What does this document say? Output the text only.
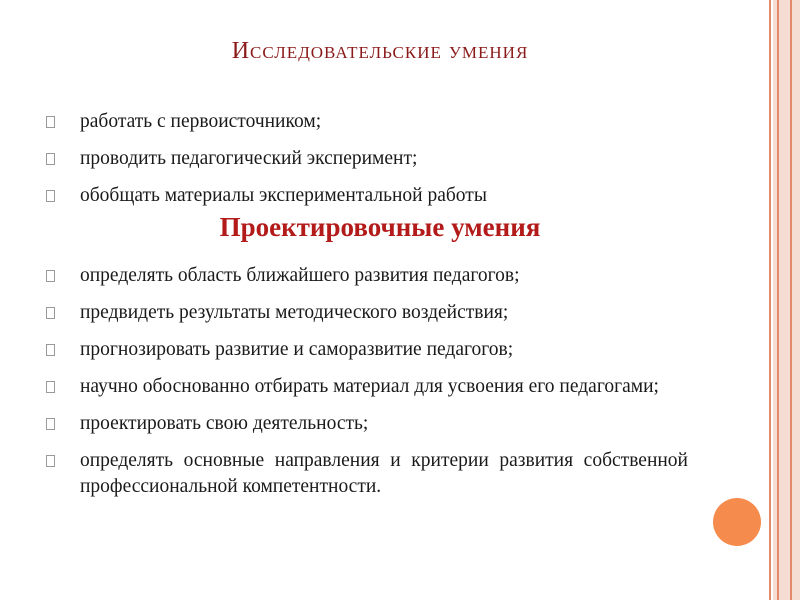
Исследовательские умения
работать с первоисточником;
проводить педагогический эксперимент;
обобщать материалы экспериментальной работы
Проектировочные умения
определять область ближайшего развития педагогов;
предвидеть результаты методического воздействия;
прогнозировать развитие и саморазвитие педагогов;
научно обоснованно отбирать материал для усвоения его педагогами;
проектировать свою деятельность;
определять основные направления и критерии развития собственной профессиональной компетентности.
